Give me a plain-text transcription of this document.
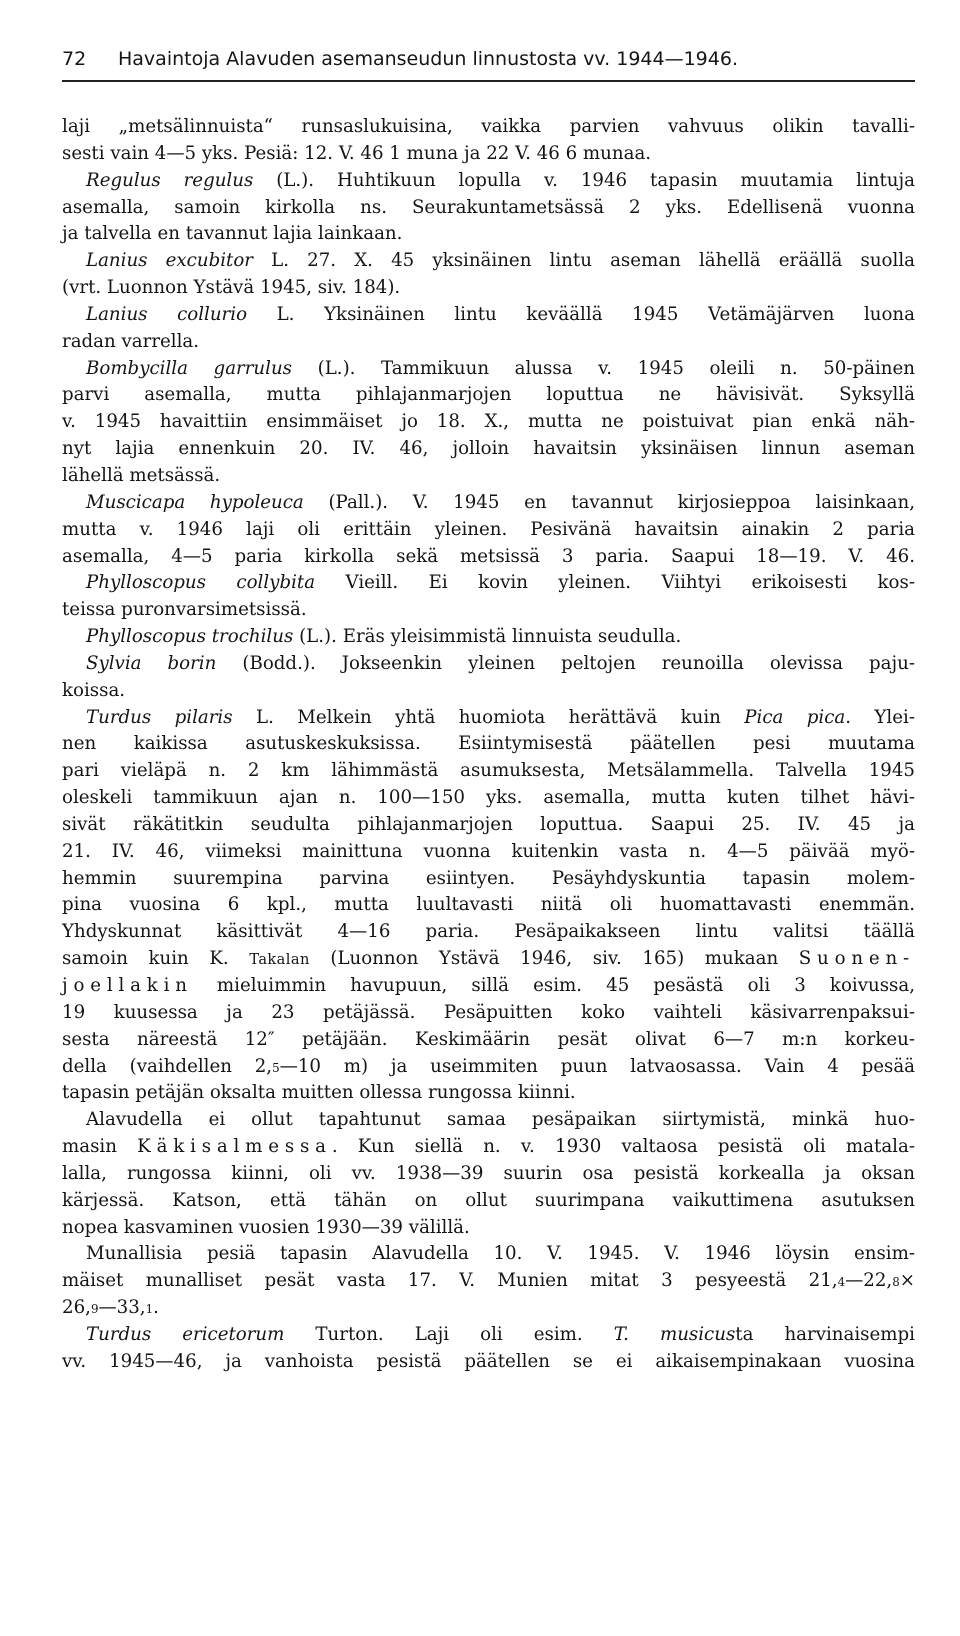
72 Havaintoja Alavuden asemanseudun linnustosta vv. 1944—1946.
laji „metsälinnuista“ runsaslukuisina, vaikka parvien vahvuus olikin tavalli-
sesti vain 4—5 yks. Pesiä: 12. V. 46 1 muna ja 22 V. 46 6 munaa.
Regulus regulus (L.). Huhtikuun lopulla v. 1946 tapasin muutamia lintuja
asemalla, samoin kirkolla ns. Seurakuntametsässä 2 yks. Edellisenä vuonna
ja talvella en tavannut lajia lainkaan.
Lanius excubitor L. 27. X. 45 yksinäinen lintu aseman lähellä eräällä suolla
(vrt. Luonnon Ystävä 1945, siv. 184).
Lanius collurio L. Yksinäinen lintu keväällä 1945 Vetämäjärven luona
radan varrella.
Bombycilla garrulus (L.). Tammikuun alussa v. 1945 oleili n. 50-päinen
parvi asemalla, mutta pihlajanmarjojen loputtua ne hävisivät. Syksyllä
v. 1945 havaittiin ensimmäiset jo 18. X., mutta ne poistuivat pian enkä näh-
nyt lajia ennenkuin 20. IV. 46, jolloin havaitsin yksinäisen linnun aseman
lähellä metsässä.
Muscicapa hypoleuca (Pall.). V. 1945 en tavannut kirjosieppoa laisinkaan,
mutta v. 1946 laji oli erittäin yleinen. Pesivänä havaitsin ainakin 2 paria
asemalla, 4—5 paria kirkolla sekä metsissä 3 paria. Saapui 18—19. V. 46.
Phylloscopus collybita Vieill. Ei kovin yleinen. Viihtyi erikoisesti kos-
teissa puronvarsimetsissä.
Phylloscopus trochilus (L.). Eräs yleisimmistä linnuista seudulla.
Sylvia borin (Bodd.). Jokseenkin yleinen peltojen reunoilla olevissa paju-
koissa.
Turdus pilaris L. Melkein yhtä huomiota herättävä kuin Pica pica. Ylei-
nen kaikissa asutuskeskuksissa. Esiintymisestä päätellen pesi muutama
pari vieläpä n. 2 km lähimmästä asumuksesta, Metsälammella. Talvella 1945
oleskeli tammikuun ajan n. 100—150 yks. asemalla, mutta kuten tilhet hävi-
sivät räkätitkin seudulta pihlajanmarjojen loputtua. Saapui 25. IV. 45 ja
21. IV. 46, viimeksi mainittuna vuonna kuitenkin vasta n. 4—5 päivää myö-
hemmin suurempina parvina esiintyen. Pesäyhdyskuntia tapasin molem-
pina vuosina 6 kpl., mutta luultavasti niitä oli huomattavasti enemmän.
Yhdyskunnat käsittivät 4—16 paria. Pesäpaikakseen lintu valitsi täällä
samoin kuin K. Takalan (Luonnon Ystävä 1946, siv. 165) mukaan Suonen-
joellakin mieluimmin havupuun, sillä esim. 45 pesästä oli 3 koivussa,
19 kuusessa ja 23 petäjässä. Pesäpuitten koko vaihteli käsivarrenpaksui-
sesta näreestä 12″ petäjään. Keskimäärin pesät olivat 6—7 m:n korkeu-
della (vaihdellen 2,5—10 m) ja useimmiten puun latvaosassa. Vain 4 pesää
tapasin petäjän oksalta muitten ollessa rungossa kiinni.
Alavudella ei ollut tapahtunut samaa pesäpaikan siirtymistä, minkä huo-
masin Käkisalmessa. Kun siellä n. v. 1930 valtaosa pesistä oli matala-
lalla, rungossa kiinni, oli vv. 1938—39 suurin osa pesistä korkealla ja oksan
kärjessä. Katson, että tähän on ollut suurimpana vaikuttimena asutuksen
nopea kasvaminen vuosien 1930—39 välillä.
Munallisia pesiä tapasin Alavudella 10. V. 1945. V. 1946 löysin ensim-
mäiset munalliset pesät vasta 17. V. Munien mitat 3 pesyeestä 21,4—22,8×
26,9—33,1.
Turdus ericetorum Turton. Laji oli esim. T. musicusta harvinaisempi
vv. 1945—46, ja vanhoista pesistä päätellen se ei aikaisempinakaan vuosina
